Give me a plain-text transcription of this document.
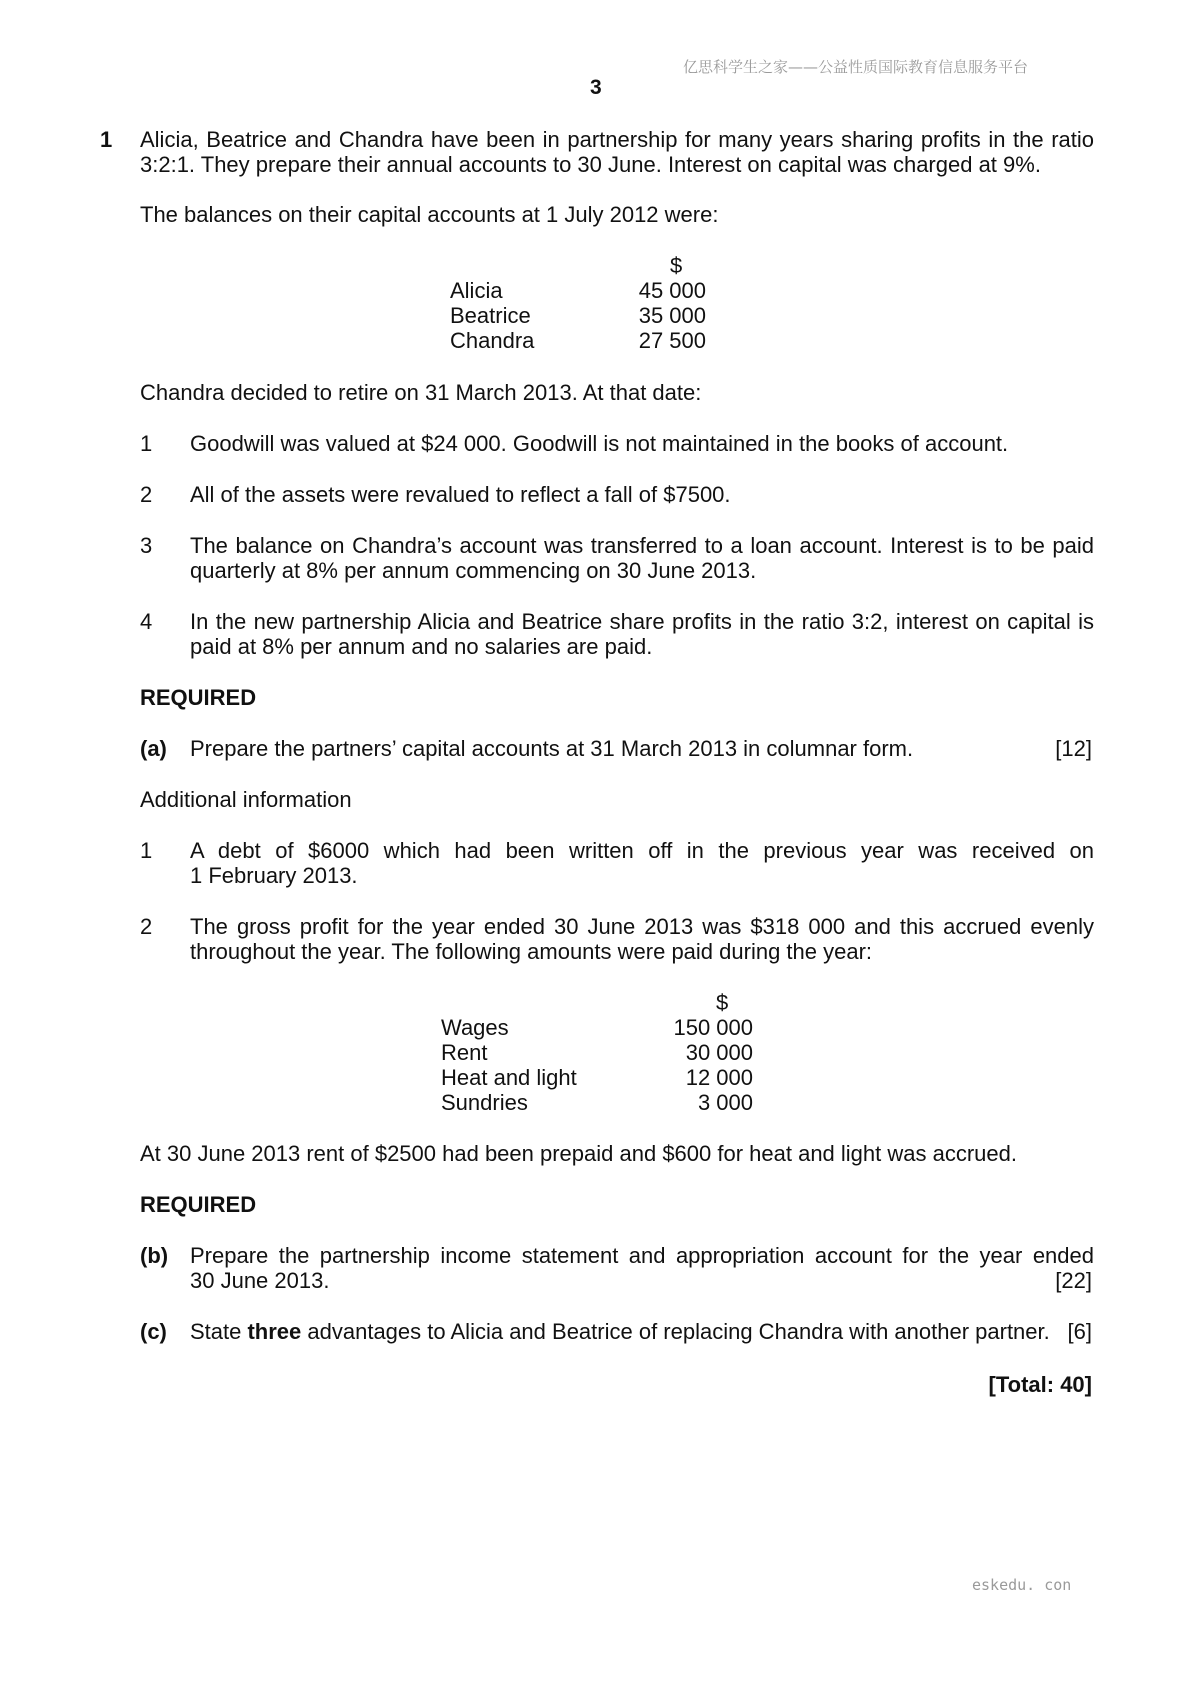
亿思科学生之家——公益性质国际教育信息服务平台
3
1 Alicia, Beatrice and Chandra have been in partnership for many years sharing profits in the ratio
3:2:1. They prepare their annual accounts to 30 June. Interest on capital was charged at 9%.
The balances on their capital accounts at 1 July 2012 were:
$
Alicia	45 000
Beatrice	35 000
Chandra	27 500
Chandra decided to retire on 31 March 2013. At that date:
1 Goodwill was valued at $24 000. Goodwill is not maintained in the books of account.
2 All of the assets were revalued to reflect a fall of $7500.
3 The balance on Chandra’s account was transferred to a loan account. Interest is to be paid
quarterly at 8% per annum commencing on 30 June 2013.
4 In the new partnership Alicia and Beatrice share profits in the ratio 3:2, interest on capital is
paid at 8% per annum and no salaries are paid.
REQUIRED
(a) Prepare the partners’ capital accounts at 31 March 2013 in columnar form.	[12]
Additional information
1 A debt of $6000 which had been written off in the previous year was received on
1 February 2013.
2 The gross profit for the year ended 30 June 2013 was $318 000 and this accrued evenly
throughout the year. The following amounts were paid during the year:
$
Wages	150 000
Rent	30 000
Heat and light	12 000
Sundries	3 000
At 30 June 2013 rent of $2500 had been prepaid and $600 for heat and light was accrued.
REQUIRED
(b) Prepare the partnership income statement and appropriation account for the year ended
30 June 2013.	[22]
(c) State three advantages to Alicia and Beatrice of replacing Chandra with another partner. [6]
[Total: 40]
eskedu. con
